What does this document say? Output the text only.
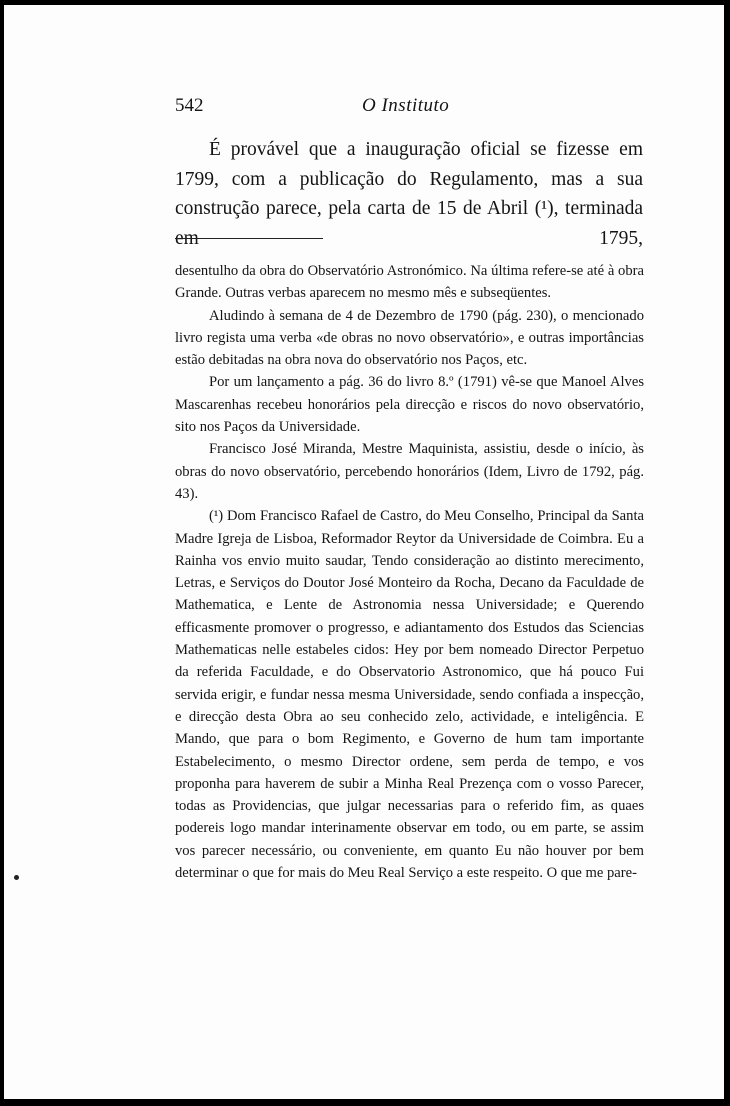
542	O Instituto

É provável que a inauguração oficial se fizesse em 1799, com a publicação do Regulamento, mas a sua construção parece, pela carta de 15 de Abril (¹), terminada em 1795,

desentulho da obra do Observatório Astronómico. Na última refere-se até à obra Grande. Outras verbas aparecem no mesmo mês e subseqüentes.

Aludindo à semana de 4 de Dezembro de 1790 (pág. 230), o mencionado livro regista uma verba «de obras no novo observatório», e outras importâncias estão debitadas na obra nova do observatório nos Paços, etc.

Por um lançamento a pág. 36 do livro 8.º (1791) vê-se que Manoel Alves Mascarenhas recebeu honorários pela direcção e riscos do novo observatório, sito nos Paços da Universidade.

Francisco José Miranda, Mestre Maquinista, assistiu, desde o início, às obras do novo observatório, percebendo honorários (Idem, Livro de 1792, pág. 43).

(¹) Dom Francisco Rafael de Castro, do Meu Conselho, Principal da Santa Madre Igreja de Lisboa, Reformador Reytor da Universidade de Coimbra. Eu a Rainha vos envio muito saudar, Tendo consideração ao distinto merecimento, Letras, e Serviços do Doutor José Monteiro da Rocha, Decano da Faculdade de Mathematica, e Lente de Astronomia nessa Universidade; e Querendo efficasmente promover o progresso, e adiantamento dos Estudos das Sciencias Mathematicas nelle estabeles cidos: Hey por bem nomeado Director Perpetuo da referida Faculdade, e do Observatorio Astronomico, que há pouco Fui servida erigir, e fundar nessa mesma Universidade, sendo confiada a inspecção, e direcção desta Obra ao seu conhecido zelo, actividade, e inteligência. E Mando, que para o bom Regimento, e Governo de hum tam importante Estabelecimento, o mesmo Director ordene, sem perda de tempo, e vos proponha para haverem de subir a Minha Real Prezença com o vosso Parecer, todas as Providencias, que julgar necessarias para o referido fim, as quaes podereis logo mandar interinamente observar em todo, ou em parte, se assim vos parecer necessário, ou conveniente, em quanto Eu não houver por bem determinar o que for mais do Meu Real Serviço a este respeito. O que me pare-
